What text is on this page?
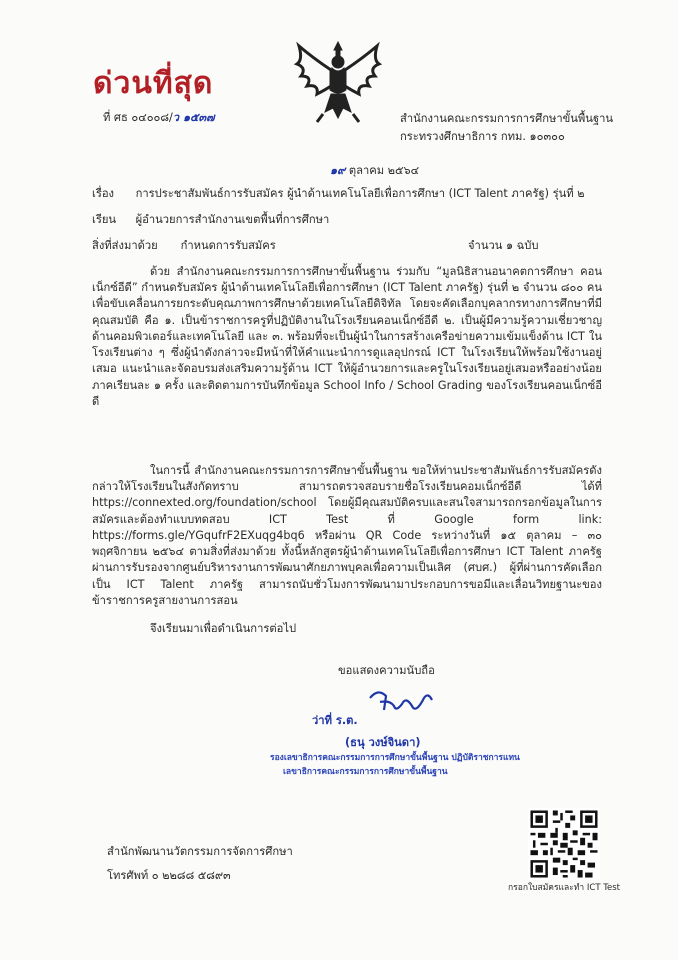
ด่วนที่สุด
ที่ ศธ ๐๔๐๐๘/ว ๑๕๓๗	สำนักงานคณะกรรมการการศึกษาขั้นพื้นฐาน
กระทรวงศึกษาธิการ กทม. ๑๐๓๐๐
๑๙ ตุลาคม ๒๕๖๔
เรื่อง การประชาสัมพันธ์การรับสมัคร ผู้นำด้านเทคโนโลยีเพื่อการศึกษา (ICT Talent ภาครัฐ) รุ่นที่ ๒
เรียน ผู้อำนวยการสำนักงานเขตพื้นที่การศึกษา
สิ่งที่ส่งมาด้วย กำหนดการรับสมัคร	จำนวน ๑ ฉบับ
ด้วย สำนักงานคณะกรรมการการศึกษาขั้นพื้นฐาน ร่วมกับ “มูลนิธิสานอนาคตการศึกษา คอนเน็กซ์อีดี” กำหนดรับสมัคร ผู้นำด้านเทคโนโลยีเพื่อการศึกษา (ICT Talent ภาครัฐ) รุ่นที่ ๒ จำนวน ๘๐๐ คน เพื่อขับเคลื่อนการยกระดับคุณภาพการศึกษาด้วยเทคโนโลยีดิจิทัล โดยจะคัดเลือกบุคลากรทางการศึกษาที่มีคุณสมบัติ คือ ๑. เป็นข้าราชการครูที่ปฏิบัติงานในโรงเรียนคอนเน็กซ์อีดี ๒. เป็นผู้มีความรู้ความเชี่ยวชาญด้านคอมพิวเตอร์และเทคโนโลยี และ ๓. พร้อมที่จะเป็นผู้นำในการสร้างเครือข่ายความเข้มแข็งด้าน ICT ในโรงเรียนต่าง ๆ ซึ่งผู้นำดังกล่าวจะมีหน้าที่ให้คำแนะนำการดูแลอุปกรณ์ ICT ในโรงเรียนให้พร้อมใช้งานอยู่เสมอ แนะนำและจัดอบรมส่งเสริมความรู้ด้าน ICT ให้ผู้อำนวยการและครูในโรงเรียนอยู่เสมอหรืออย่างน้อยภาคเรียนละ ๑ ครั้ง และติดตามการบันทึกข้อมูล School Info / School Grading ของโรงเรียนคอนเน็กซ์อีดี
ในการนี้ สำนักงานคณะกรรมการการศึกษาขั้นพื้นฐาน ขอให้ท่านประชาสัมพันธ์การรับสมัครดังกล่าวให้โรงเรียนในสังกัดทราบ สามารถตรวจสอบรายชื่อโรงเรียนคอมเน็กซ์อีดี ได้ที่ https://connexted.org/foundation/school โดยผู้มีคุณสมบัติครบและสนใจสามารถกรอกข้อมูลในการสมัครและต้องทำแบบทดสอบ ICT Test ที่ Google form link: https://forms.gle/YGqufrF2EXuqg4bq6 หรือผ่าน QR Code ระหว่างวันที่ ๑๕ ตุลาคม – ๓๐ พฤศจิกายน ๒๕๖๔ ตามสิ่งที่ส่งมาด้วย ทั้งนี้หลักสูตรผู้นำด้านเทคโนโลยีเพื่อการศึกษา ICT Talent ภาครัฐ ผ่านการรับรองจากศูนย์บริหารงานการพัฒนาศักยภาพบุคลเพื่อความเป็นเลิศ (ศบศ.) ผู้ที่ผ่านการคัดเลือกเป็น ICT Talent ภาครัฐ สามารถนับชั่วโมงการพัฒนามาประกอบการขอมีและเลื่อนวิทยฐานะของข้าราชการครูสายงานการสอน
จึงเรียนมาเพื่อดำเนินการต่อไป
ขอแสดงความนับถือ
ว่าที่ ร.ต.
(ธนุ วงษ์จินดา)
รองเลขาธิการคณะกรรมการการศึกษาขั้นพื้นฐาน ปฏิบัติราชการแทน
เลขาธิการคณะกรรมการการศึกษาขั้นพื้นฐาน
สำนักพัฒนานวัตกรรมการจัดการศึกษา
โทรศัพท์ ๐ ๒๒๘๘ ๕๘๙๓
กรอกใบสมัครและทำ ICT Test
